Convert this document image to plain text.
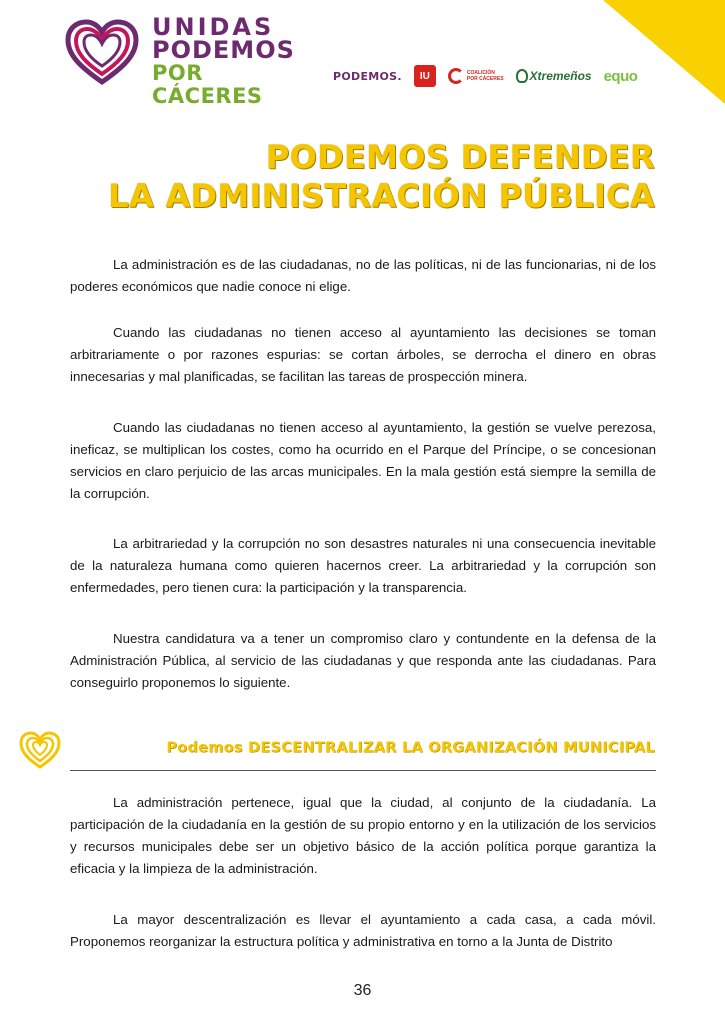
UNIDAS
PODEMOS
POR CÁCERES
PODEMOS.	IU	COALICIÓN
POR CÁCERES Xtremeños equo
PODEMOS DEFENDER
LA ADMINISTRACIÓN PÚBLICA

La administración es de las ciudadanas, no de las políticas, ni de las funcionarias, ni de los poderes económicos que nadie conoce ni elige.

Cuando las ciudadanas no tienen acceso al ayuntamiento las decisiones se toman arbitrariamente o por razones espurias: se cortan árboles, se derrocha el dinero en obras innecesarias y mal planificadas, se facilitan las tareas de prospección minera.

Cuando las ciudadanas no tienen acceso al ayuntamiento, la gestión se vuelve perezosa, ineficaz, se multiplican los costes, como ha ocurrido en el Parque del Príncipe, o se concesionan servicios en claro perjuicio de las arcas municipales. En la mala gestión está siempre la semilla de la corrupción.

La arbitrariedad y la corrupción no son desastres naturales ni una consecuencia inevitable de la naturaleza humana como quieren hacernos creer. La arbitrariedad y la corrupción son enfermedades, pero tienen cura: la participación y la transparencia.

Nuestra candidatura va a tener un compromiso claro y contundente en la defensa de la Administración Pública, al servicio de las ciudadanas y que responda ante las ciudadanas. Para conseguirlo proponemos lo siguiente.

Podemos DESCENTRALIZAR LA ORGANIZACIÓN MUNICIPAL

La administración pertenece, igual que la ciudad, al conjunto de la ciudadanía. La participación de la ciudadanía en la gestión de su propio entorno y en la utilización de los servicios y recursos municipales debe ser un objetivo básico de la acción política porque garantiza la eficacia y la limpieza de la administración.

La mayor descentralización es llevar el ayuntamiento a cada casa, a cada móvil. Proponemos reorganizar la estructura política y administrativa en torno a la Junta de Distrito

36
